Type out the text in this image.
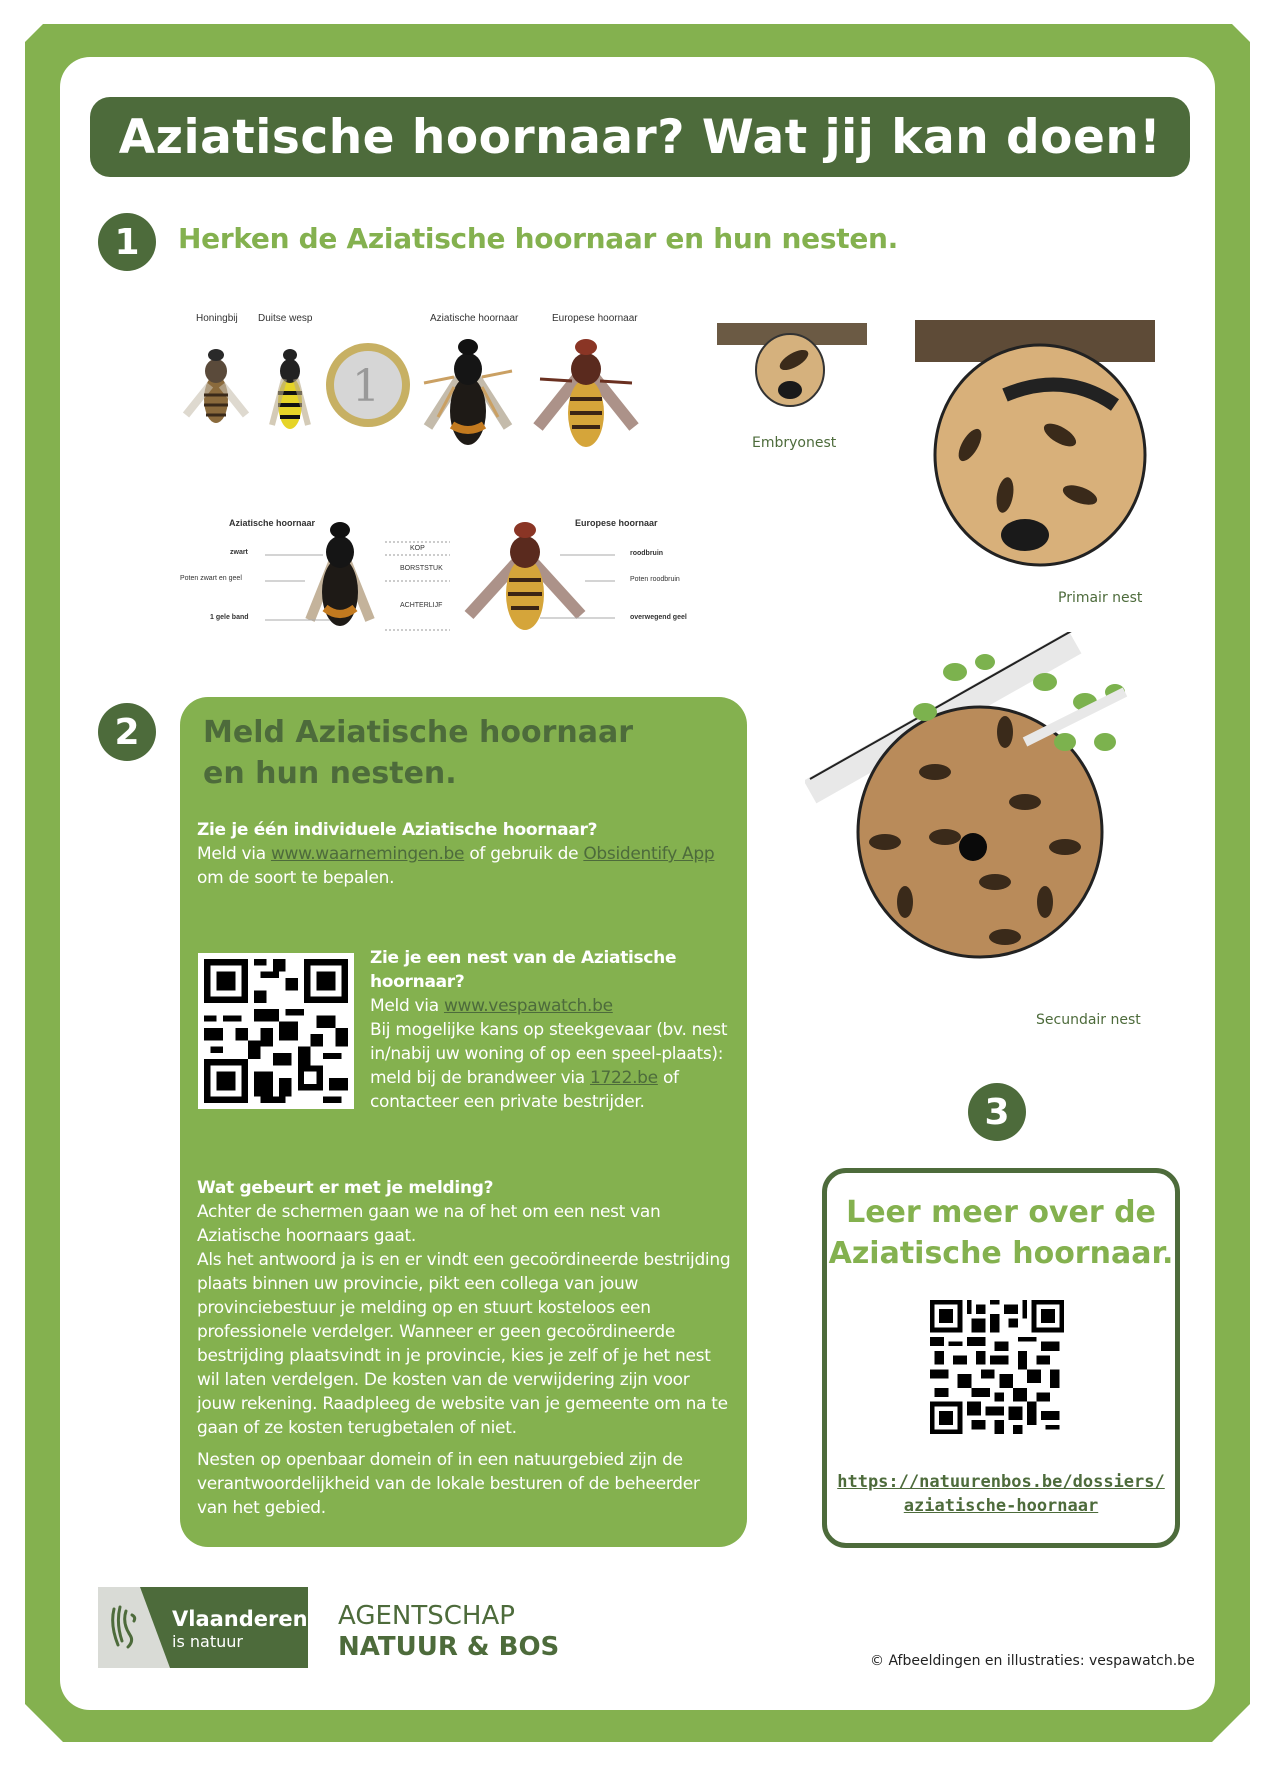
Aziatische hoornaar? Wat jij kan doen!
1 Herken de Aziatische hoornaar en hun nesten.
1
Honingbij Duitse wesp	Aziatische hoornaar	Europese hoornaar
Aziatische hoornaar	Europese hoornaar
zwart
Poten zwart en geel
1 gele band
KOP
BORSTSTUK
ACHTERLIJF
roodbruin
Poten roodbruin
overwegend geel
Embryonest
Primair nest
Secundair nest
2 Meld Aziatische hoornaar
en hun nesten.
Zie je één individuele Aziatische hoornaar?
Meld via www.waarnemingen.be of gebruik de Obsidentify App om de soort te bepalen.
Zie je een nest van de Aziatische hoornaar?
Meld via www.vespawatch.be
Bij mogelijke kans op steekgevaar (bv. nest in/nabij uw woning of op een speel-plaats): meld bij de brandweer via 1722.be of contacteer een private bestrijder.
Wat gebeurt er met je melding?
Achter de schermen gaan we na of het om een nest van Aziatische hoornaars gaat.
Als het antwoord ja is en er vindt een gecoördineerde bestrijding plaats binnen uw provincie, pikt een collega van jouw provinciebestuur je melding op en stuurt kosteloos een professionele verdelger. Wanneer er geen gecoördineerde bestrijding plaatsvindt in je provincie, kies je zelf of je het nest wil laten verdelgen. De kosten van de verwijdering zijn voor jouw rekening. Raadpleeg de website van je gemeente om na te gaan of ze kosten terugbetalen of niet.
Nesten op openbaar domein of in een natuurgebied zijn de verantwoordelijkheid van de lokale besturen of de beheerder van het gebied.
3
Leer meer over de
Aziatische hoornaar.
https://natuurenbos.be/dossiers/
aziatische-hoornaar
Vlaanderen
is natuur
AGENTSCHAP
NATUUR & BOS	© Afbeeldingen en illustraties: vespawatch.be
